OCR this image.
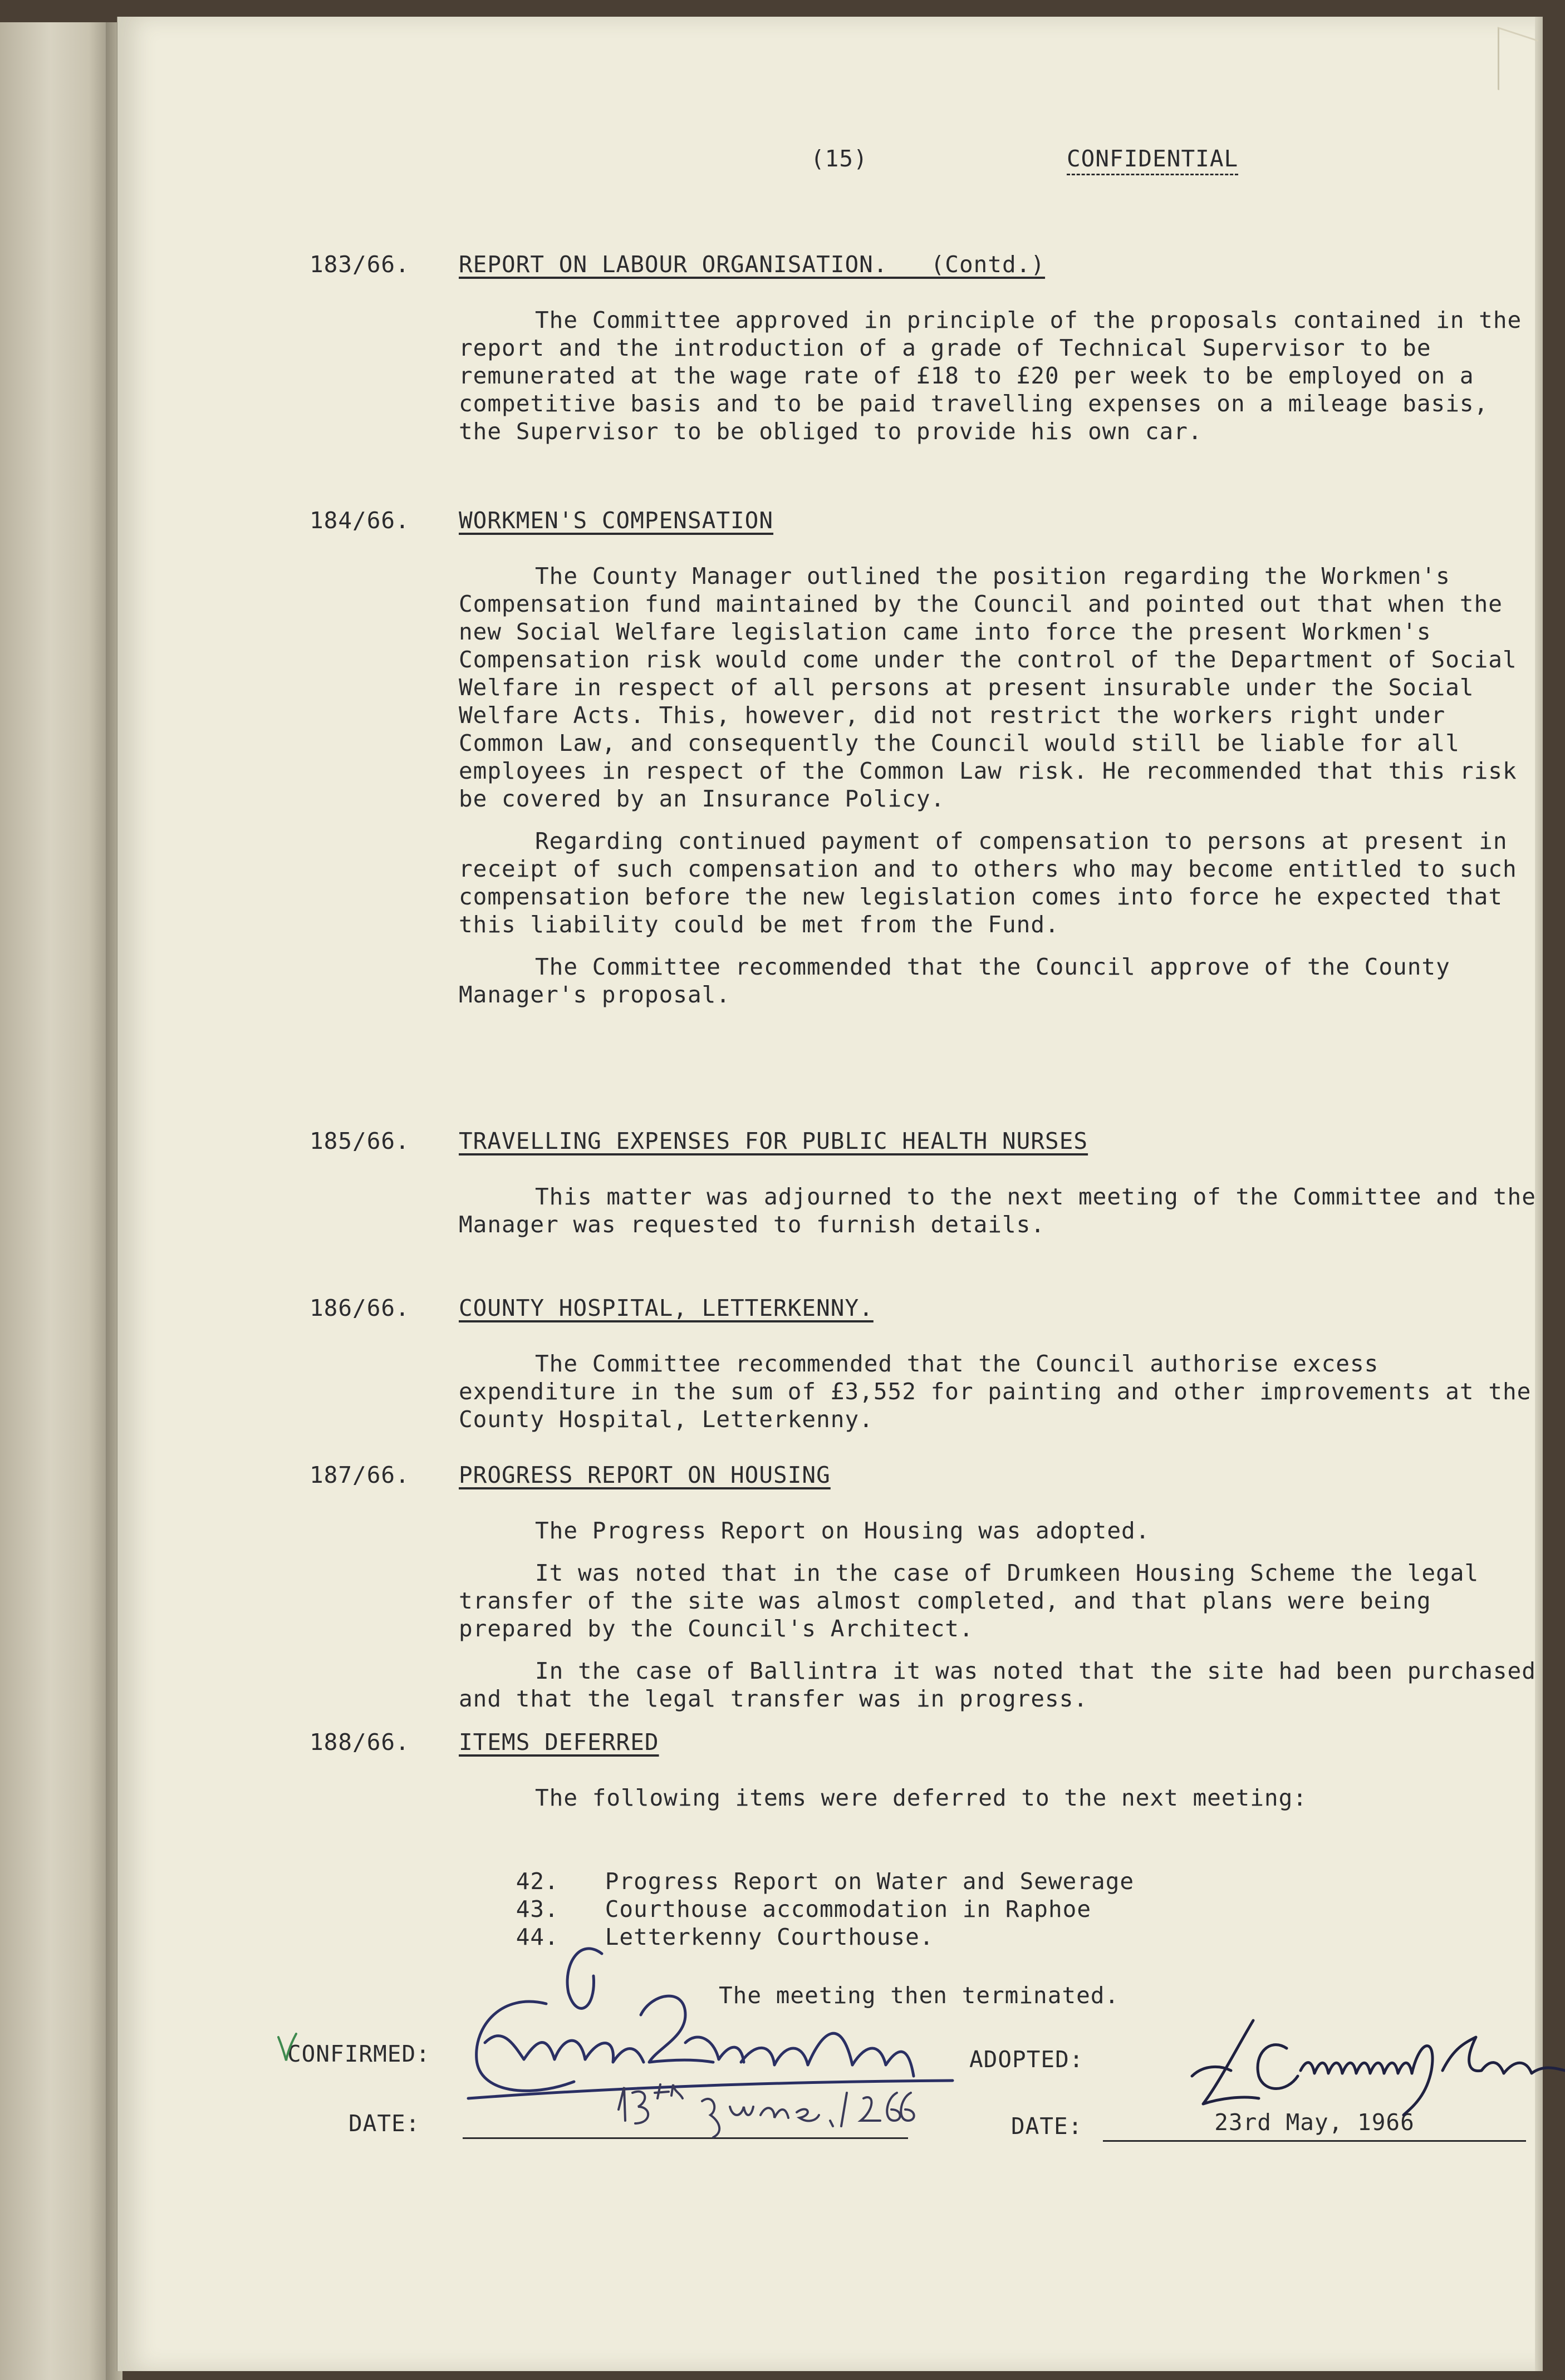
(15)	CONFIDENTIAL
183/66. REPORT ON LABOUR ORGANISATION.   (Contd.)

The Committee approved in principle of the proposals contained in the report and the introduction of a grade of Technical Supervisor to be remunerated at the wage rate of £18 to £20 per week to be employed on a competitive basis and to be paid travelling expenses on a mileage basis, the Supervisor to be obliged to provide his own car.

184/66. WORKMEN'S COMPENSATION

The County Manager outlined the position regarding the Workmen's Compensation fund maintained by the Council and pointed out that when the new Social Welfare legislation came into force the present Workmen's Compensation risk would come under the control of the Department of Social Welfare in respect of all persons at present insurable under the Social Welfare Acts. This, however, did not restrict the workers right under Common Law, and consequently the Council would still be liable for all employees in respect of the Common Law risk. He recommended that this risk be covered by an Insurance Policy.

Regarding continued payment of compensation to persons at present in receipt of such compensation and to others who may become entitled to such compensation before the new legislation comes into force he expected that this liability could be met from the Fund.

The Committee recommended that the Council approve of the County Manager's proposal.

185/66. TRAVELLING EXPENSES FOR PUBLIC HEALTH NURSES

This matter was adjourned to the next meeting of the Committee and the Manager was requested to furnish details.

186/66. COUNTY HOSPITAL, LETTERKENNY.

The Committee recommended that the Council authorise excess expenditure in the sum of £3,552 for painting and other improvements at the County Hospital, Letterkenny.

187/66. PROGRESS REPORT ON HOUSING

The Progress Report on Housing was adopted.

It was noted that in the case of Drumkeen Housing Scheme the legal transfer of the site was almost completed, and that plans were being prepared by the Council's Architect.

In the case of Ballintra it was noted that the site had been purchased and that the legal transfer was in progress.

188/66. ITEMS DEFERRED

The following items were deferred to the next meeting:

42. Progress Report on Water and Sewerage

43. Courthouse accommodation in Raphoe

44. Letterkenny Courthouse.

The meeting then terminated.
CONFIRMED:	ADOPTED:
DATE:	DATE:	23rd May, 1966
